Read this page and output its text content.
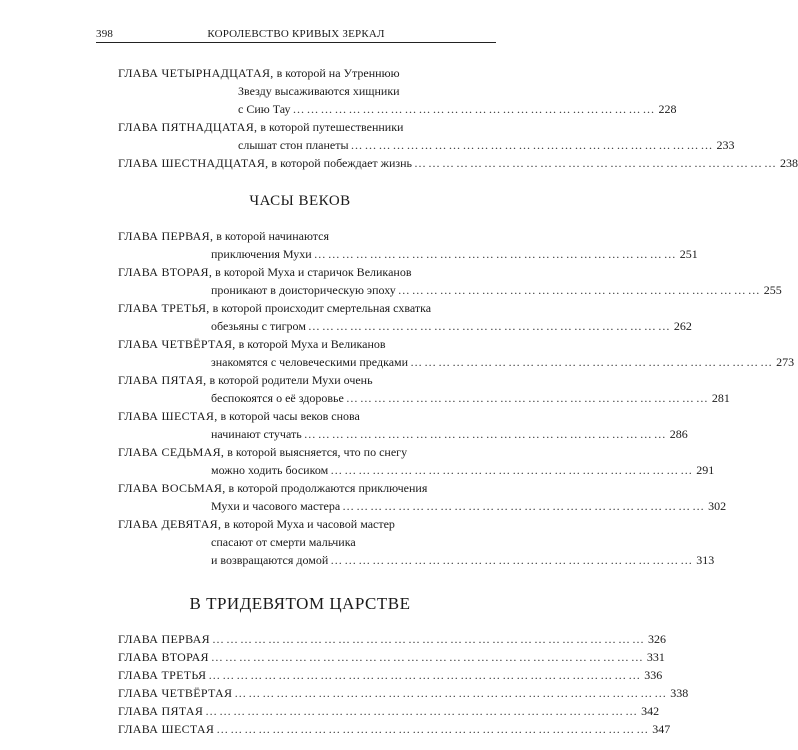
398	КОРОЛЕВСТВО КРИВЫХ ЗЕРКАЛ
ГЛАВА ЧЕТЫРНАДЦАТАЯ, в которой на Утреннюю
Звезду высаживаются хищники
с Сию Тау …………………………………………………………………… 228
ГЛАВА ПЯТНАДЦАТАЯ, в которой путешественники
слышат стон планеты …………………………………………………………………… 233
ГЛАВА ШЕСТНАДЦАТАЯ, в которой побеждает жизнь …………………………………………………………………… 238
ЧАСЫ ВЕКОВ
ГЛАВА ПЕРВАЯ, в которой начинаются
приключения Мухи …………………………………………………………………… 251
ГЛАВА ВТОРАЯ, в которой Муха и старичок Великанов
проникают в доисторическую эпоху …………………………………………………………………… 255
ГЛАВА ТРЕТЬЯ, в которой происходит смертельная схватка
обезьяны с тигром …………………………………………………………………… 262
ГЛАВА ЧЕТВЁРТАЯ, в которой Муха и Великанов
знакомятся с человеческими предками …………………………………………………………………… 273
ГЛАВА ПЯТАЯ, в которой родители Мухи очень
беспокоятся о её здоровье …………………………………………………………………… 281
ГЛАВА ШЕСТАЯ, в которой часы веков снова
начинают стучать …………………………………………………………………… 286
ГЛАВА СЕДЬМАЯ, в которой выясняется, что по снегу
можно ходить босиком …………………………………………………………………… 291
ГЛАВА ВОСЬМАЯ, в которой продолжаются приключения
Мухи и часового мастера …………………………………………………………………… 302
ГЛАВА ДЕВЯТАЯ, в которой Муха и часовой мастер
спасают от смерти мальчика
и возвращаются домой …………………………………………………………………… 313
В ТРИДЕВЯТОМ ЦАРСТВЕ
ГЛАВА ПЕРВАЯ ………………………………………………………………………………… 326
ГЛАВА ВТОРАЯ ………………………………………………………………………………… 331
ГЛАВА ТРЕТЬЯ ………………………………………………………………………………… 336
ГЛАВА ЧЕТВЁРТАЯ ………………………………………………………………………………… 338
ГЛАВА ПЯТАЯ ………………………………………………………………………………… 342
ГЛАВА ШЕСТАЯ ………………………………………………………………………………… 347
